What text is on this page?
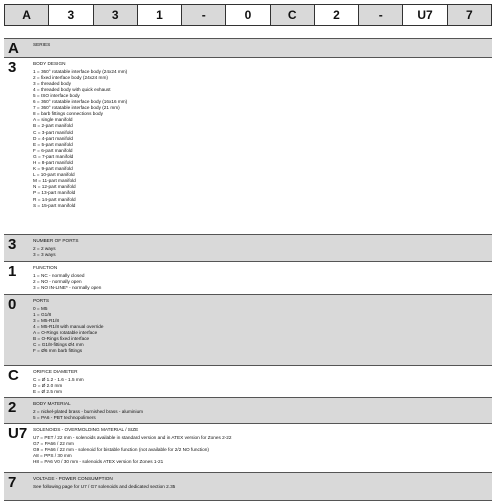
A	3	3	1	-	0	C	2	-	U7	7
A	SERIES
3	BODY DESIGN
1 = 360° rotatable interface body (24x24 mm)
2 = fixed interface body (24x24 mm)
3 = threaded body
4 = threaded body with quick exhaust
5 = ISO interface body
6 = 360° rotatable interface body (16x16 mm)
7 = 360° rotatable interface body (21 mm)
8 = barb fittings connections body
A = single manifold
B = 2-part manifold
C = 3-part manifold
D = 4-part manifold
E = 5-part manifold
F = 6-part manifold
G = 7-part manifold
H = 8-part manifold
K = 9-part manifold
L = 10-part manifold
M = 11-part manifold
N = 12-part manifold
P = 13-part manifold
R = 14-part manifold
S = 15-part manifold
3	NUMBER OF PORTS
2 = 2 ways
3 = 3 ways
1	FUNCTION
1 = NC - normally closed
2 = NO - normally open
3 = NO IN-LINE* - normally open
0	PORTS
0 = M5
1 = G1/8
3 = M5-R1/8
4 = M5-R1/8 with manual override
A = O-Rings rotatable interface
B = O-Rings fixed interface
C = G1/8-fittings Ø4 mm
F = Ø6 mm barb fittings
C	ORIFICE DIAMETER
C = Ø 1.2 - 1.6 - 1.5 mm
D = Ø 2.0 mm
E = Ø 2.5 mm
2	BODY MATERIAL
2 = nickel-plated brass - burnished brass - aluminium
5 = PA6 - PBT technopolimers
U7 SOLENOIDS - OVERMOLDING MATERIAL / SIZE
U7 = PET / 22 mm - solenoids available in standard version and in ATEX version for Zones 2-22
G7 = PA66 / 22 mm
G9 = PA66 / 22 mm - solenoid for bistable function (not available for 2/2 NO function)
A8 = PPS / 30 mm
H8 = PA6 V0 / 30 mm - solenoids ATEX version for Zones 1-21
7	VOLTAGE - POWER CONSUMPTION
See following page for U7 / G7 solenoids and dedicated section 2.35
